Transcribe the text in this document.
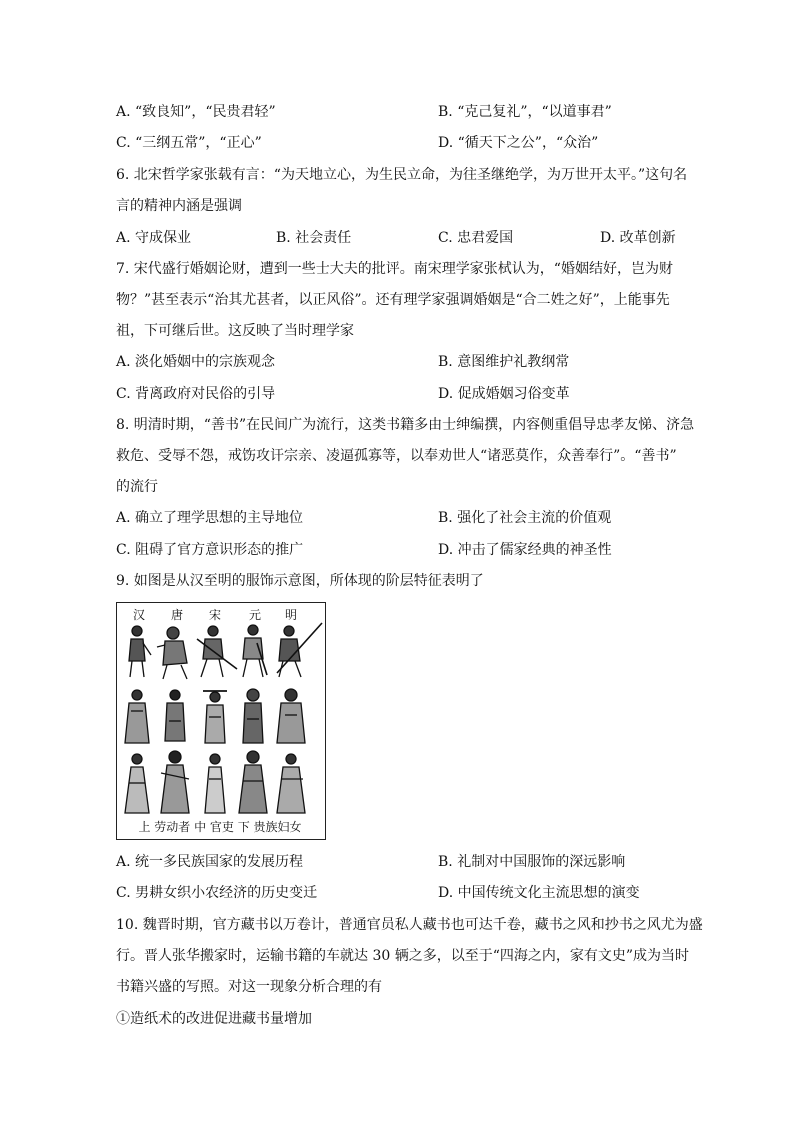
A. “致良知”，“民贵君轻”	B. “克己复礼”，“以道事君”
C. “三纲五常”，“正心”	D. “循天下之公”，“众治”
6. 北宋哲学家张载有言：“为天地立心，为生民立命，为往圣继绝学，为万世开太平。”这句名
言的精神内涵是强调
A. 守成保业	B. 社会责任	C. 忠君爱国	D. 改革创新
7. 宋代盛行婚姻论财，遭到一些士大夫的批评。南宋理学家张栻认为，“婚姻结好，岂为财
物？”甚至表示“治其尤甚者，以正风俗”。还有理学家强调婚姻是“合二姓之好”，上能事先
祖，下可继后世。这反映了当时理学家
A. 淡化婚姻中的宗族观念	B. 意图维护礼教纲常
C. 背离政府对民俗的引导	D. 促成婚姻习俗变革
8. 明清时期，“善书”在民间广为流行，这类书籍多由士绅编撰，内容侧重倡导忠孝友悌、济急
救危、受辱不怨，戒饬攻讦宗亲、凌逼孤寡等，以奉劝世人“诸恶莫作，众善奉行”。“善书”
的流行
A. 确立了理学思想的主导地位	B. 强化了社会主流的价值观
C. 阻碍了官方意识形态的推广	D. 冲击了儒家经典的神圣性
9. 如图是从汉至明的服饰示意图，所体现的阶层特征表明了
汉 唐 宋 元 明
上 劳动者 中 官吏 下 贵族妇女
A. 统一多民族国家的发展历程	B. 礼制对中国服饰的深远影响
C. 男耕女织小农经济的历史变迁	D. 中国传统文化主流思想的演变
10. 魏晋时期，官方藏书以万卷计，普通官员私人藏书也可达千卷，藏书之风和抄书之风尤为盛
行。晋人张华搬家时，运输书籍的车就达 30 辆之多，以至于“四海之内，家有文史”成为当时
书籍兴盛的写照。对这一现象分析合理的有
①造纸术的改进促进藏书量增加
